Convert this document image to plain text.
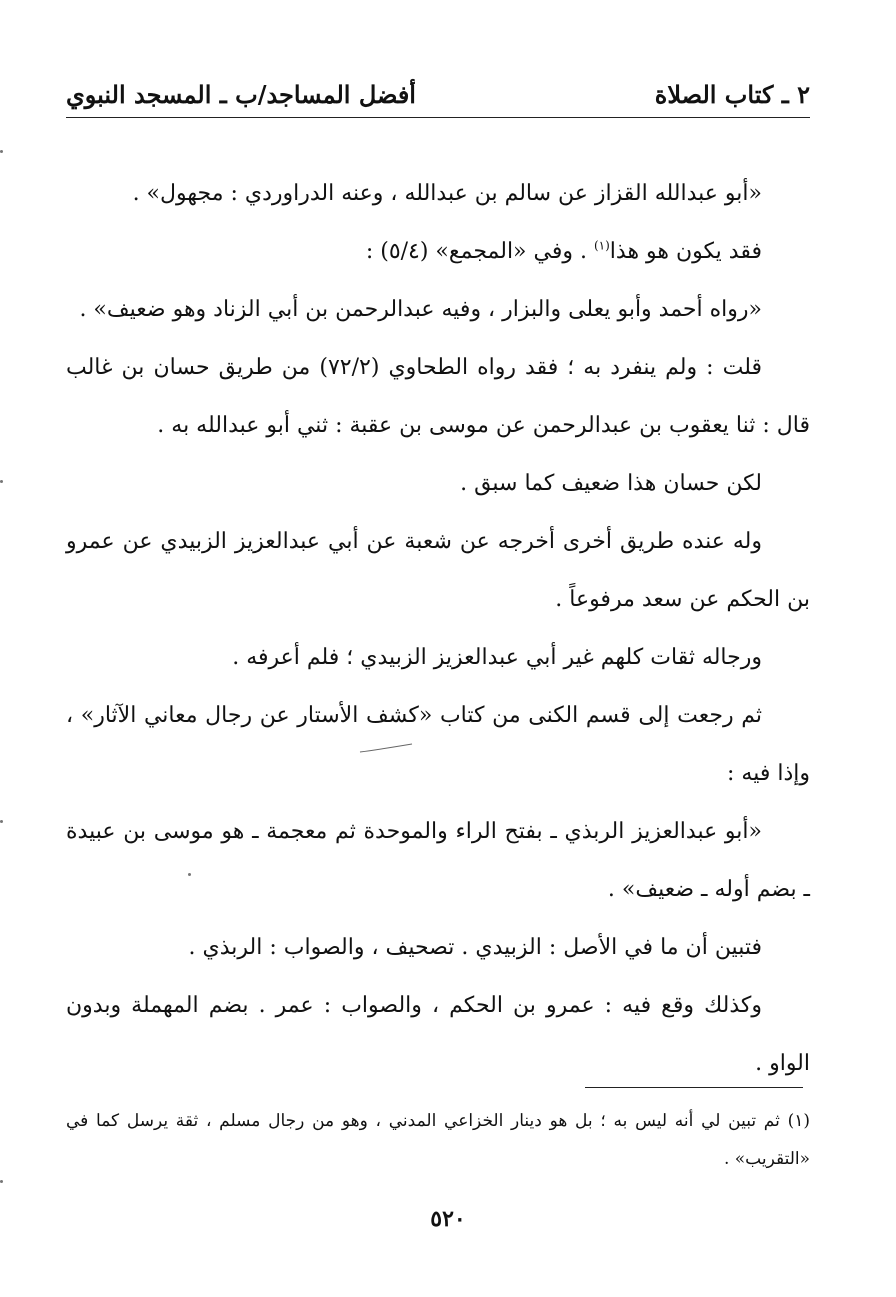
٢ ـ كتاب الصلاة
أفضل المساجد/ب ـ المسجد النبوي

«أبو عبدالله القزاز عن سالم بن عبدالله ، وعنه الدراوردي : مجهول» .

فقد يكون هو هذا$^{(١)}$ . وفي «المجمع» (٥/٤) :

«رواه أحمد وأبو يعلى والبزار ، وفيه عبدالرحمن بن أبي الزناد وهو ضعيف» .

قلت : ولم ينفرد به ؛ فقد رواه الطحاوي (٧٢/٢) من طريق حسان بن غالب قال : ثنا يعقوب بن عبدالرحمن عن موسى بن عقبة : ثني أبو عبدالله به .

لكن حسان هذا ضعيف كما سبق .

وله عنده طريق أخرى أخرجه عن شعبة عن أبي عبدالعزيز الزبيدي عن عمرو بن الحكم عن سعد مرفوعاً .

ورجاله ثقات كلهم غير أبي عبدالعزيز الزبيدي ؛ فلم أعرفه .

ثم رجعت إلى قسم الكنى من كتاب «كشف الأستار عن رجال معاني الآثار» ، وإذا فيه :

«أبو عبدالعزيز الربذي ـ بفتح الراء والموحدة ثم معجمة ـ هو موسى بن عبيدة ـ بضم أوله ـ ضعيف» .

فتبين أن ما في الأصل : الزبيدي . تصحيف ، والصواب : الربذي .

وكذلك وقع فيه : عمرو بن الحكم ، والصواب : عمر . بضم المهملة وبدون الواو .

(١) ثم تبين لي أنه ليس به ؛ بل هو دينار الخزاعي المدني ، وهو من رجال مسلم ، ثقة يرسل كما في «التقريب» .
٥٢٠
